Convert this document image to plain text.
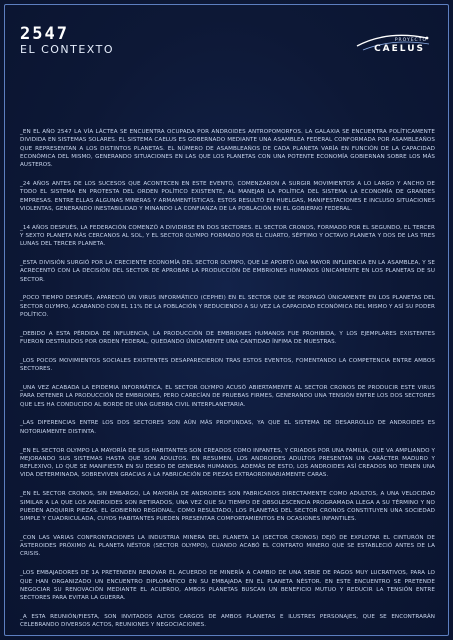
2547
EL CONTEXTO
PROYECTO
CAELUS

_EN EL AÑO 2547 LA VÍA LÁCTEA SE ENCUENTRA OCUPADA POR ANDROIDES ANTROPOMORFOS. LA GALAXIA SE ENCUENTRA POLÍTICAMENTE DIVIDIDA EN SISTEMAS SOLARES. EL SISTEMA CAELUS ES GOBERNADO MEDIANTE UNA ASAMBLEA FEDERAL CONFORMADA POR ASAMBLEAÑOS QUE REPRESENTAN A LOS DISTINTOS PLANETAS. EL NÚMERO DE ASAMBLEAÑOS DE CADA PLANETA VARÍA EN FUNCIÓN DE LA CAPACIDAD ECONÓMICA DEL MISMO, GENERANDO SITUACIONES EN LAS QUE LOS PLANETAS CON UNA POTENTE ECONOMÍA GOBIERNAN SOBRE LOS MÁS AUSTEROS.

_24 AÑOS ANTES DE LOS SUCESOS QUE ACONTECEN EN ESTE EVENTO, COMENZARON A SURGIR MOVIMIENTOS A LO LARGO Y ANCHO DE TODO EL SISTEMA EN PROTESTA DEL ORDEN POLÍTICO EXISTENTE, AL MANEJAR LA POLÍTICA DEL SISTEMA LA ECONOMÍA DE GRANDES EMPRESAS. ENTRE ELLAS ALGUNAS MINERAS Y ARMAMENTÍSTICAS. ESTOS RESULTÓ EN HUELGAS, MANIFESTACIONES E INCLUSO SITUACIONES VIOLENTAS, GENERANDO INESTABILIDAD Y MINANDO LA CONFIANZA DE LA POBLACIÓN EN EL GOBIERNO FEDERAL.

_14 AÑOS DESPUÉS, LA FEDERACIÓN COMENZÓ A DIVIDIRSE EN DOS SECTORES. EL SECTOR CRONOS, FORMADO POR EL SEGUNDO, EL TERCER Y SEXTO PLANETA MÁS CERCANOS AL SOL, Y EL SECTOR OLYMPO FORMADO POR EL CUARTO, SÉPTIMO Y OCTAVO PLANETA Y DOS DE LAS TRES LUNAS DEL TERCER PLANETA.

_ESTA DIVISIÓN SURGIÓ POR LA CRECIENTE ECONOMÍA DEL SECTOR OLYMPO, QUE LE APORTÓ UNA MAYOR INFLUENCIA EN LA ASAMBLEA, Y SE ACRECENTÓ CON LA DECISIÓN DEL SECTOR DE APROBAR LA PRODUCCIÓN DE EMBRIONES HUMANOS ÚNICAMENTE EN LOS PLANETAS DE SU SECTOR.

_POCO TIEMPO DESPUÉS, APARECIÓ UN VIRUS INFORMÁTICO (CEPHEI) EN EL SECTOR QUE SE PROPAGÓ ÚNICAMENTE EN LOS PLANETAS DEL SECTOR OLYMPO, ACABANDO CON EL 11% DE LA POBLACIÓN Y REDUCIENDO A SU VEZ LA CAPACIDAD ECONÓMICA DEL MISMO Y ASÍ SU PODER POLÍTICO.

_DEBIDO A ESTA PÉRDIDA DE INFLUENCIA, LA PRODUCCIÓN DE EMBRIONES HUMANOS FUE PROHIBIDA, Y LOS EJEMPLARES EXISTENTES FUERON DESTRUIDOS POR ORDEN FEDERAL, QUEDANDO ÚNICAMENTE UNA CANTIDAD ÍNFIMA DE MUESTRAS.

_LOS POCOS MOVIMIENTOS SOCIALES EXISTENTES DESAPARECIERON TRAS ESTOS EVENTOS, FOMENTANDO LA COMPETENCIA ENTRE AMBOS SECTORES.

_UNA VEZ ACABADA LA EPIDEMIA INFORMÁTICA, EL SECTOR OLYMPO ACUSÓ ABIERTAMENTE AL SECTOR CRONOS DE PRODUCIR ESTE VIRUS PARA DETENER LA PRODUCCIÓN DE EMBRIONES, PERO CARECÍAN DE PRUEBAS FIRMES, GENERANDO UNA TENSIÓN ENTRE LOS DOS SECTORES QUE LES HA CONDUCIDO AL BORDE DE UNA GUERRA CIVIL INTERPLANETARIA.

_LAS DIFERENCIAS ENTRE LOS DOS SECTORES SON AÚN MÁS PROFUNDAS, YA QUE EL SISTEMA DE DESARROLLO DE ANDROIDES ES NOTORIAMENTE DISTINTA.

_EN EL SECTOR OLYMPO LA MAYORÍA DE SUS HABITANTES SON CREADOS COMO INFANTES, Y CRIADOS POR UNA FAMILIA, QUE VA AMPLIANDO Y MEJORANDO SUS SISTEMAS HASTA QUE SON ADULTOS. EN RESUMEN, LOS ANDROIDES ADULTOS PRESENTAN UN CARÁCTER MADURO Y REFLEXIVO, LO QUE SE MANIFIESTA EN SU DESEO DE GENERAR HUMANOS. ADEMÁS DE ESTO, LOS ANDROIDES ASÍ CREADOS NO TIENEN UNA VIDA DETERMINADA, SOBREVIVEN GRACIAS A LA FABRICACIÓN DE PIEZAS EXTRAORDINARIAMENTE CARAS.

_EN EL SECTOR CRONOS, SIN EMBARGO, LA MAYORÍA DE ANDROIDES SON FABRICADOS DIRECTAMENTE COMO ADULTOS, A UNA VELOCIDAD SIMILAR A LA QUE LOS ANDROIDES SON RETIRADOS, UNA VEZ QUE SU TIEMPO DE OBSOLESCENCIA PROGRAMADA LLEGA A SU TÉRMINO Y NO PUEDEN ADQUIRIR PIEZAS. EL GOBIERNO REGIONAL, COMO RESULTADO, LOS PLANETAS DEL SECTOR CRONOS CONSTITUYEN UNA SOCIEDAD SIMPLE Y CUADRICULADA, CUYOS HABITANTES PUEDEN PRESENTAR COMPORTAMIENTOS EN OCASIONES INFANTILES.

_CON LAS VARIAS CONFRONTACIONES LA INDUSTRIA MINERA DEL PLANETA 1A (SECTOR CRONOS) DEJÓ DE EXPLOTAR EL CINTURÓN DE ASTEROIDES PRÓXIMO AL PLANETA NÉSTOR (SECTOR OLYMPO), CUANDO ACABÓ EL CONTRATO MINERO QUE SE ESTABLECIÓ ANTES DE LA CRISIS.

_LOS EMBAJADORES DE 1A PRETENDEN RENOVAR EL ACUERDO DE MINERÍA A CAMBIO DE UNA SERIE DE PAGOS MUY LUCRATIVOS, PARA LO QUE HAN ORGANIZADO UN ENCUENTRO DIPLOMÁTICO EN SU EMBAJADA EN EL PLANETA NÉSTOR. EN ESTE ENCUENTRO SE PRETENDE NEGOCIAR SU RENOVACIÓN MEDIANTE EL ACUERDO, AMBOS PLANETAS BUSCAN UN BENEFICIO MUTUO Y REDUCIR LA TENSIÓN ENTRE SECTORES PARA EVITAR LA GUERRA.

_A ESTA REUNIÓN/FIESTA, SON INVITADOS ALTOS CARGOS DE AMBOS PLANETAS E ILUSTRES PERSONAJES, QUE SE ENCONTRARÁN CELEBRANDO DIVERSOS ACTOS, REUNIONES Y NEGOCIACIONES.
